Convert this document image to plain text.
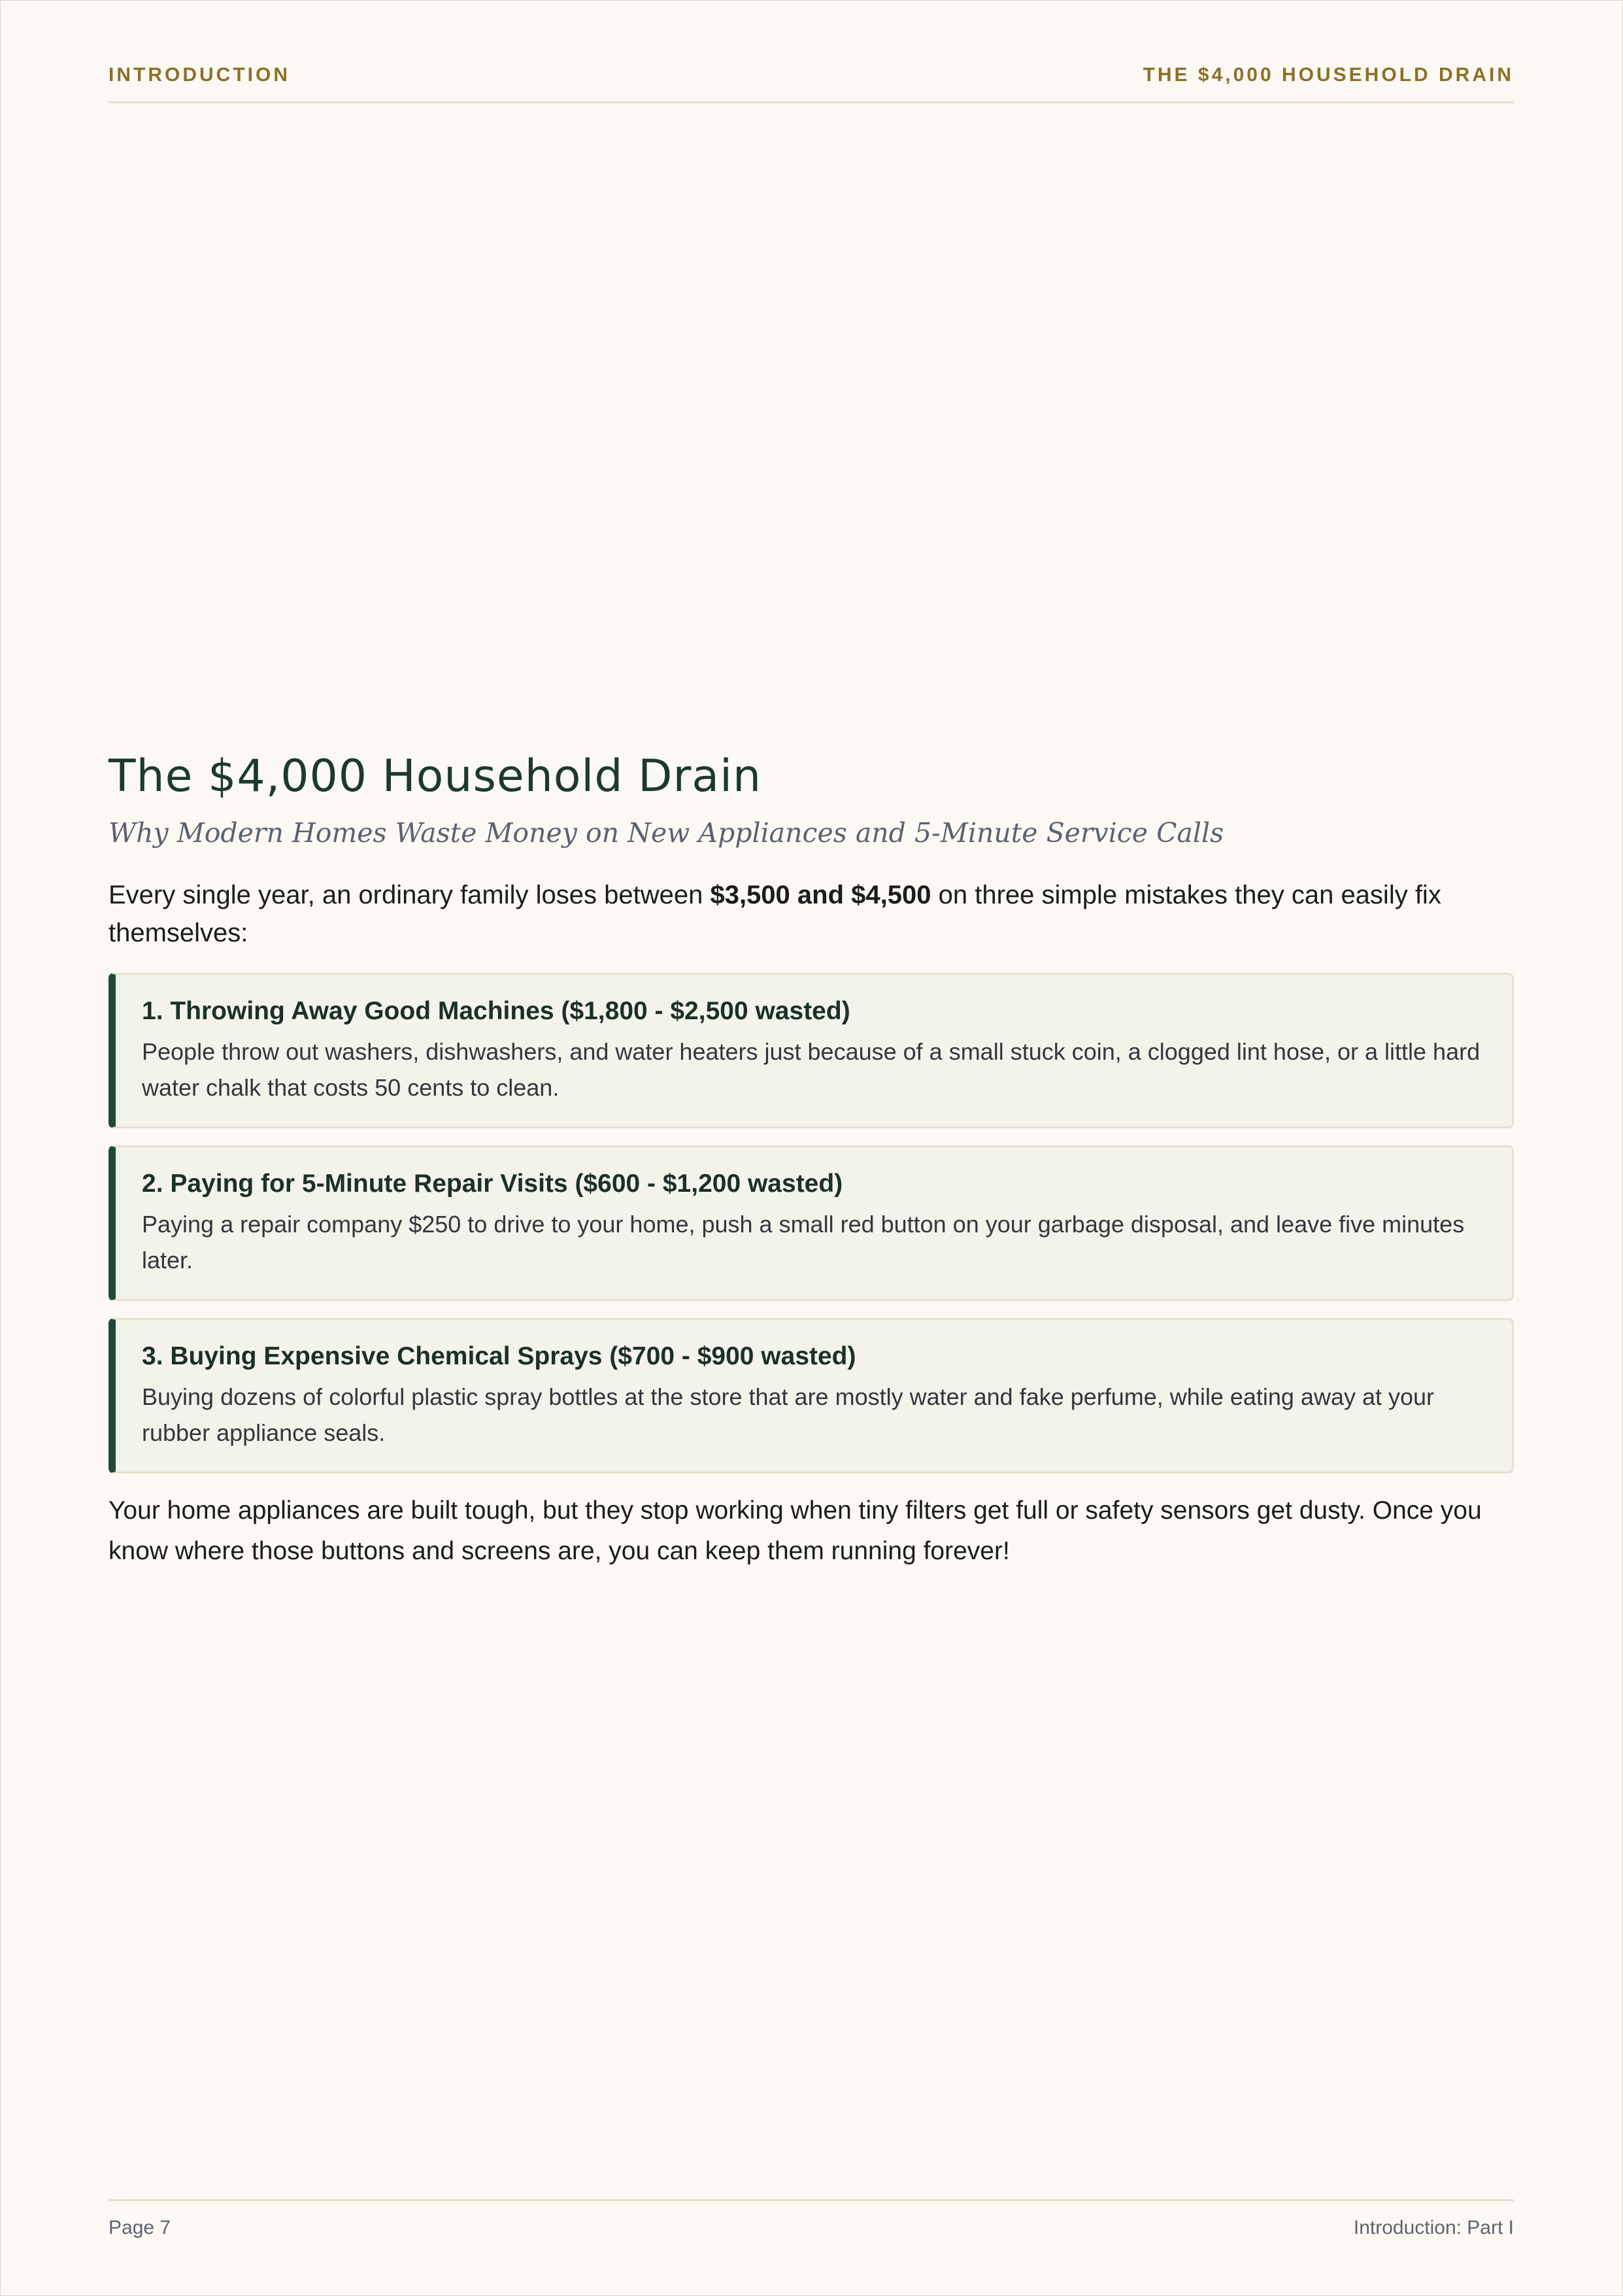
INTRODUCTION	THE $4,000 HOUSEHOLD DRAIN
The $4,000 Household Drain

Why Modern Homes Waste Money on New Appliances and 5-Minute Service Calls

Every single year, an ordinary family loses between $3,500 and $4,500 on three simple mistakes they can easily fix themselves:

1. Throwing Away Good Machines ($1,800 - $2,500 wasted)

People throw out washers, dishwashers, and water heaters just because of a small stuck coin, a clogged lint hose, or a little hard water chalk that costs 50 cents to clean.

2. Paying for 5-Minute Repair Visits ($600 - $1,200 wasted)

Paying a repair company $250 to drive to your home, push a small red button on your garbage disposal, and leave five minutes later.

3. Buying Expensive Chemical Sprays ($700 - $900 wasted)

Buying dozens of colorful plastic spray bottles at the store that are mostly water and fake perfume, while eating away at your rubber appliance seals.

Your home appliances are built tough, but they stop working when tiny filters get full or safety sensors get dusty. Once you know where those buttons and screens are, you can keep them running forever!

Page 7	Introduction: Part I
